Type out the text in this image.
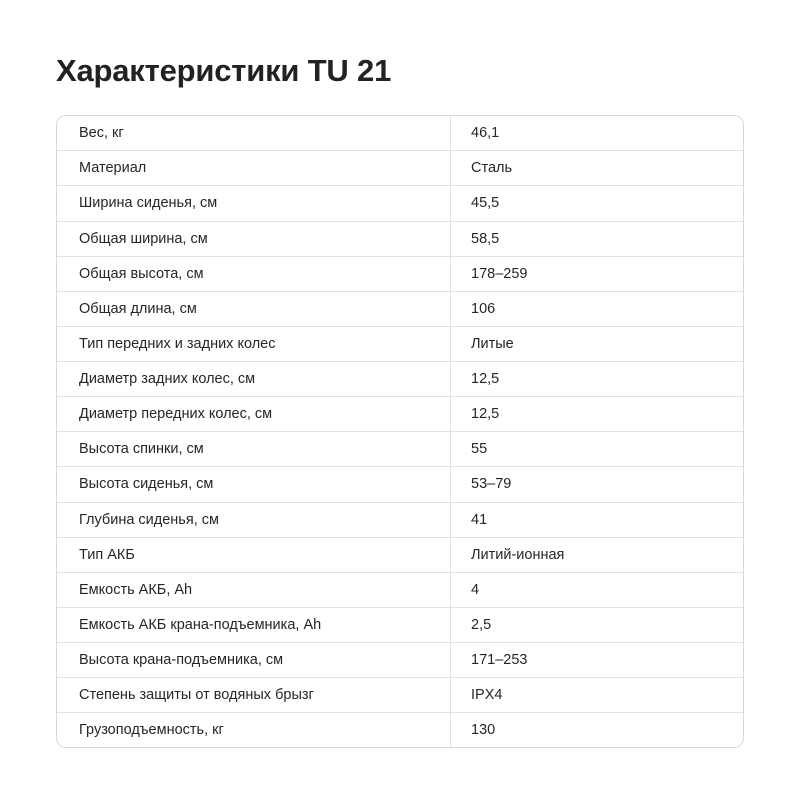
Характеристики TU 21
Вес, кг	46,1
Материал	Сталь
Ширина сиденья, см	45,5
Общая ширина, см	58,5
Общая высота, см	178–259
Общая длина, см	106
Тип передних и задних колес	Литые
Диаметр задних колес, см	12,5
Диаметр передних колес, см	12,5
Высота спинки, см	55
Высота сиденья, см	53–79
Глубина сиденья, см	41
Тип АКБ	Литий-ионная
Емкость АКБ, Ah	4
Емкость АКБ крана-подъемника, Ah	2,5
Высота крана-подъемника, см	171–253
Степень защиты от водяных брызг	IPX4
Грузоподъемность, кг	130
